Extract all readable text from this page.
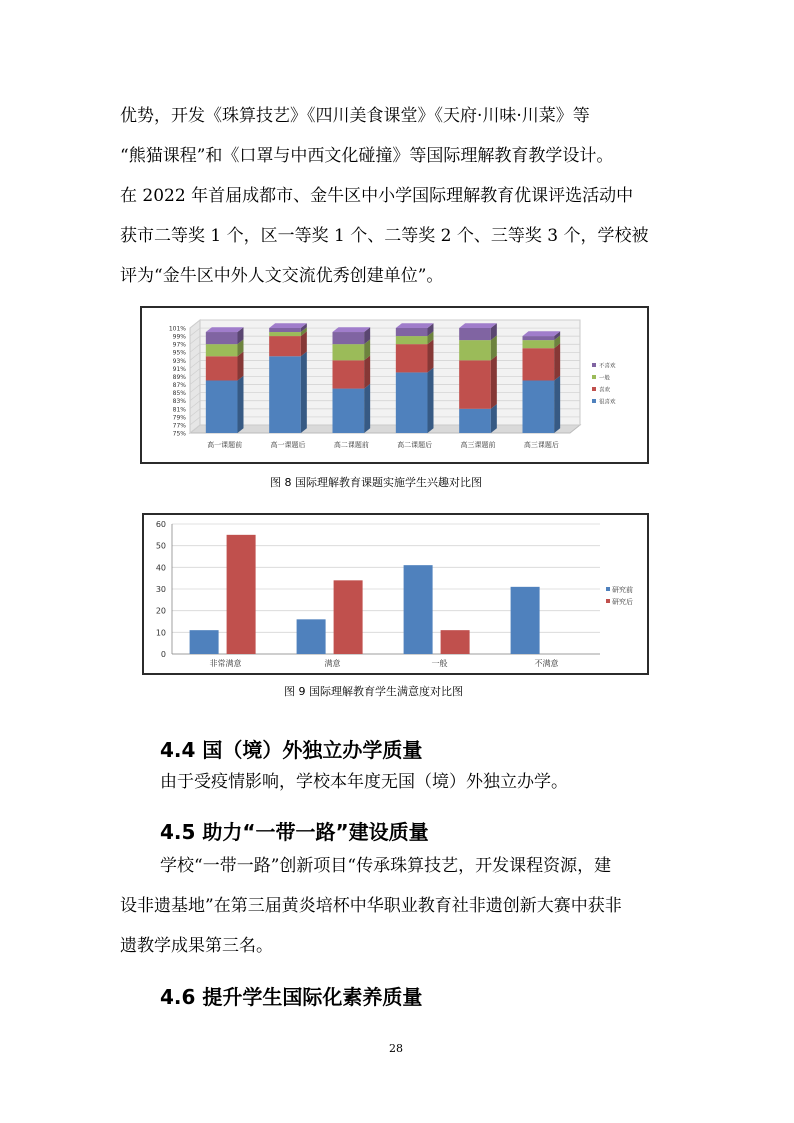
优势，开发《珠算技艺》《四川美食课堂》《天府·川味·川菜》等
“熊猫课程”和《口罩与中西文化碰撞》等国际理解教育教学设计。
在 2022 年首届成都市、金牛区中小学国际理解教育优课评选活动中
获市二等奖 1 个，区一等奖 1 个、二等奖 2 个、三等奖 3 个，学校被
评为“金牛区中外人文交流优秀创建单位”。
75%
77%
79%
81%
83%
85%
87%
89%
91%
93%
95%
97%
99%
101%
高一课题前	高一课题后	高二课题前	高二课题后	高三课题前	高三课题后
不喜欢
一般
喜欢
很喜欢
图 8 国际理解教育课题实施学生兴趣对比图
0
10
20
30
40
50
60
非常满意	满意	一般	不满意
研究前
研究后
图 9 国际理解教育学生满意度对比图
4.4 国（境）外独立办学质量
由于受疫情影响，学校本年度无国（境）外独立办学。
4.5 助力“一带一路”建设质量
学校“一带一路”创新项目“传承珠算技艺，开发课程资源，建
设非遗基地”在第三届黄炎培杯中华职业教育社非遗创新大赛中获非
遗教学成果第三名。
4.6 提升学生国际化素养质量
28
